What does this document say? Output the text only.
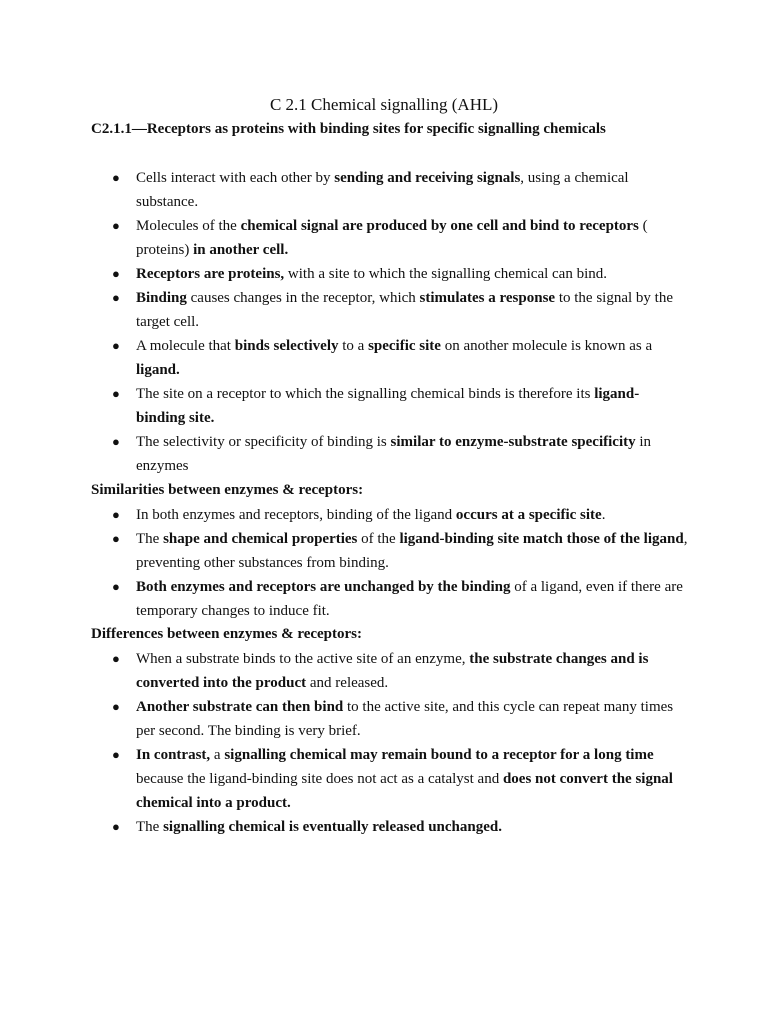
C 2.1 Chemical signalling (AHL)
C2.1.1—Receptors as proteins with binding sites for specific signalling chemicals
● Cells interact with each other by sending and receiving signals, using a chemical substance.
● Molecules of the chemical signal are produced by one cell and bind to receptors ( proteins) in another cell.
● Receptors are proteins, with a site to which the signalling chemical can bind.
● Binding causes changes in the receptor, which stimulates a response to the signal by the target cell.
● A molecule that binds selectively to a specific site on another molecule is known as a ligand.
● The site on a receptor to which the signalling chemical binds is therefore its ligand-binding site.
● The selectivity or specificity of binding is similar to enzyme-substrate specificity in enzymes
Similarities between enzymes & receptors:
● In both enzymes and receptors, binding of the ligand occurs at a specific site.
● The shape and chemical properties of the ligand-binding site match those of the ligand, preventing other substances from binding.
● Both enzymes and receptors are unchanged by the binding of a ligand, even if there are temporary changes to induce fit.
Differences between enzymes & receptors:
● When a substrate binds to the active site of an enzyme, the substrate changes and is converted into the product and released.
● Another substrate can then bind to the active site, and this cycle can repeat many times per second. The binding is very brief.
● In contrast, a signalling chemical may remain bound to a receptor for a long time because the ligand-binding site does not act as a catalyst and does not convert the signal chemical into a product.
● The signalling chemical is eventually released unchanged.
